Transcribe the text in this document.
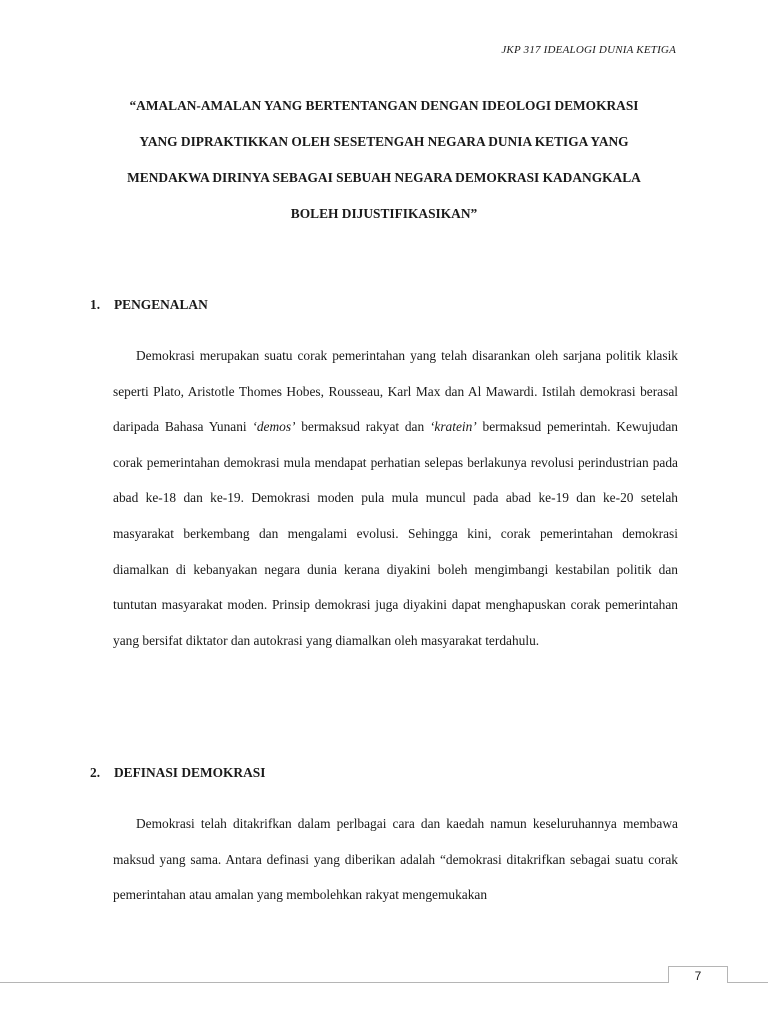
JKP 317 IDEALOGI DUNIA KETIGA
“AMALAN-AMALAN YANG BERTENTANGAN DENGAN IDEOLOGI DEMOKRASI
YANG DIPRAKTIKKAN OLEH SESETENGAH NEGARA DUNIA KETIGA YANG
MENDAKWA DIRINYA SEBAGAI SEBUAH NEGARA DEMOKRASI KADANGKALA
BOLEH DIJUSTIFIKASIKAN”
1. PENGENALAN

Demokrasi merupakan suatu corak pemerintahan yang telah disarankan oleh sarjana politik klasik seperti Plato, Aristotle Thomes Hobes, Rousseau, Karl Max dan Al Mawardi. Istilah demokrasi berasal daripada Bahasa Yunani ‘demos’ bermaksud rakyat dan ‘kratein’ bermaksud pemerintah. Kewujudan corak pemerintahan demokrasi mula mendapat perhatian selepas berlakunya revolusi perindustrian pada abad ke-18 dan ke-19. Demokrasi moden pula mula muncul pada abad ke-19 dan ke-20 setelah masyarakat berkembang dan mengalami evolusi. Sehingga kini, corak pemerintahan demokrasi diamalkan di kebanyakan negara dunia kerana diyakini boleh mengimbangi kestabilan politik dan tuntutan masyarakat moden. Prinsip demokrasi juga diyakini dapat menghapuskan corak pemerintahan yang bersifat diktator dan autokrasi yang diamalkan oleh masyarakat terdahulu.

2. DEFINASI DEMOKRASI

Demokrasi telah ditakrifkan dalam perlbagai cara dan kaedah namun keseluruhannya membawa maksud yang sama. Antara definasi yang diberikan adalah “demokrasi ditakrifkan sebagai suatu corak pemerintahan atau amalan yang membolehkan rakyat mengemukakan

7
